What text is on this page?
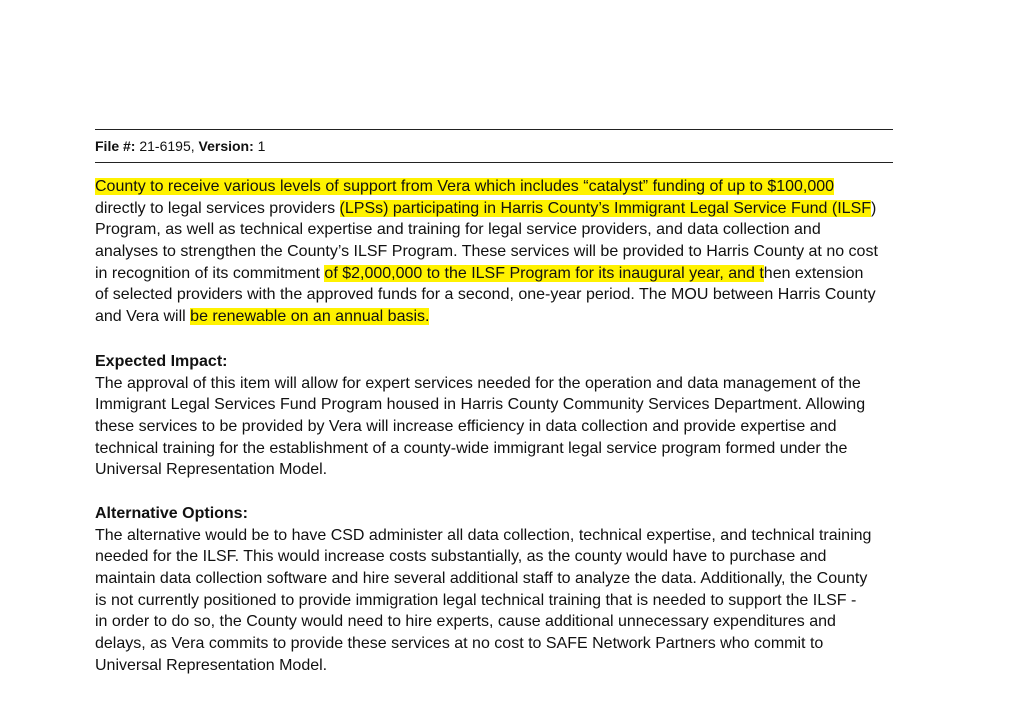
File #: 21-6195, Version: 1
County to receive various levels of support from Vera which includes “catalyst” funding of up to $100,000
directly to legal services providers (LPSs) participating in Harris County’s Immigrant Legal Service Fund (ILSF)
Program, as well as technical expertise and training for legal service providers, and data collection and
analyses to strengthen the County’s ILSF Program. These services will be provided to Harris County at no cost
in recognition of its commitment of $2,000,000 to the ILSF Program for its inaugural year, and then extension
of selected providers with the approved funds for a second, one-year period. The MOU between Harris County
and Vera will be renewable on an annual basis.
Expected Impact:
The approval of this item will allow for expert services needed for the operation and data management of the
Immigrant Legal Services Fund Program housed in Harris County Community Services Department. Allowing
these services to be provided by Vera will increase efficiency in data collection and provide expertise and
technical training for the establishment of a county-wide immigrant legal service program formed under the
Universal Representation Model.
Alternative Options:
The alternative would be to have CSD administer all data collection, technical expertise, and technical training
needed for the ILSF. This would increase costs substantially, as the county would have to purchase and
maintain data collection software and hire several additional staff to analyze the data. Additionally, the County
is not currently positioned to provide immigration legal technical training that is needed to support the ILSF -
in order to do so, the County would need to hire experts, cause additional unnecessary expenditures and
delays, as Vera commits to provide these services at no cost to SAFE Network Partners who commit to
Universal Representation Model.
